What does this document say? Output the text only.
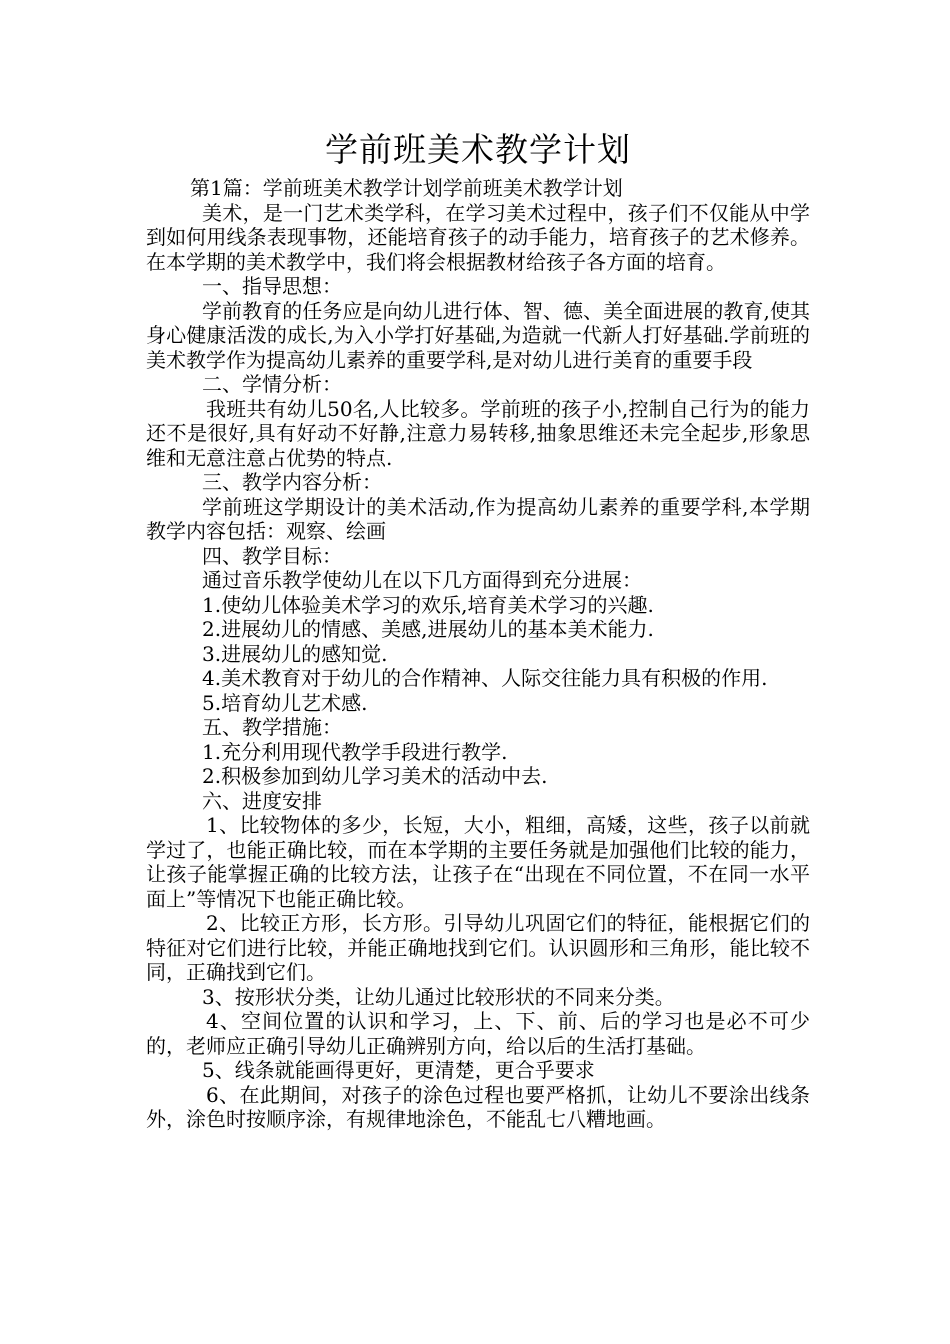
学前班美术教学计划

第1篇：学前班美术教学计划学前班美术教学计划

美术，是一门艺术类学科，在学习美术过程中，孩子们不仅能从中学到如何用线条表现事物，还能培育孩子的动手能力，培育孩子的艺术修养。在本学期的美术教学中，我们将会根据教材给孩子各方面的培育。

一、指导思想：

学前教育的任务应是向幼儿进行体、智、德、美全面进展的教育,使其身心健康活泼的成长,为入小学打好基础,为造就一代新人打好基础.学前班的美术教学作为提高幼儿素养的重要学科,是对幼儿进行美育的重要手段

二、学情分析：

我班共有幼儿50名,人比较多。学前班的孩子小,控制自己行为的能力还不是很好,具有好动不好静,注意力易转移,抽象思维还未完全起步,形象思维和无意注意占优势的特点.

三、教学内容分析：

学前班这学期设计的美术活动,作为提高幼儿素养的重要学科,本学期教学内容包括：观察、绘画

四、教学目标：

通过音乐教学使幼儿在以下几方面得到充分进展：

1.使幼儿体验美术学习的欢乐,培育美术学习的兴趣.

2.进展幼儿的情感、美感,进展幼儿的基本美术能力.

3.进展幼儿的感知觉.

4.美术教育对于幼儿的合作精神、人际交往能力具有积极的作用.

5.培育幼儿艺术感.

五、教学措施：

1.充分利用现代教学手段进行教学.

2.积极参加到幼儿学习美术的活动中去.

六、进度安排

1、比较物体的多少，长短，大小，粗细，高矮，这些，孩子以前就学过了，也能正确比较，而在本学期的主要任务就是加强他们比较的能力，让孩子能掌握正确的比较方法，让孩子在“出现在不同位置，不在同一水平面上”等情况下也能正确比较。

2、比较正方形，长方形。引导幼儿巩固它们的特征，能根据它们的特征对它们进行比较，并能正确地找到它们。认识圆形和三角形，能比较不同，正确找到它们。

3、按形状分类，让幼儿通过比较形状的不同来分类。

4、空间位置的认识和学习，上、下、前、后的学习也是必不可少的，老师应正确引导幼儿正确辨别方向，给以后的生活打基础。

5、线条就能画得更好，更清楚，更合乎要求

6、在此期间，对孩子的涂色过程也要严格抓，让幼儿不要涂出线条外，涂色时按顺序涂，有规律地涂色，不能乱七八糟地画。
